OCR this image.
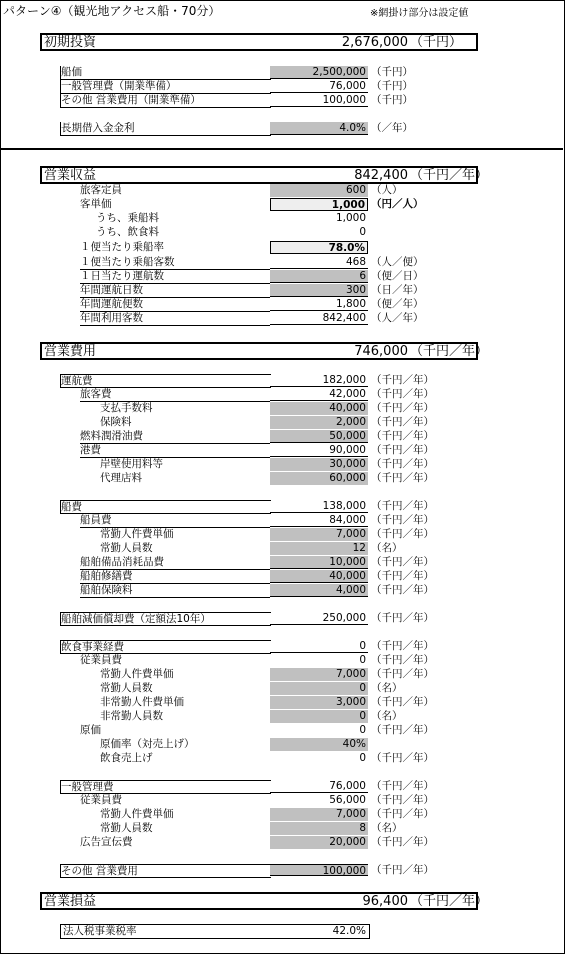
パターン④（観光地アクセス船・70分）	※網掛け部分は設定値
初期投資	2,676,000 （千円）
船価	2,500,000 （千円）
一般管理費（開業準備）	76,000 （千円）
その他 営業費用（開業準備）	100,000 （千円）
長期借入金金利	4.0% （／年）
営業収益	842,400 （千円／年）
旅客定員	600 （人）
客単価	1,000 （円／人）
うち、乗船料	1,000
うち、飲食料	0
１便当たり乗船率	78.0%
１便当たり乗船客数	468 （人／便）
１日当たり運航数	6 （便／日）
年間運航日数	300 （日／年）
年間運航便数	1,800 （便／年）
年間利用客数	842,400 （人／年）
営業費用	746,000 （千円／年）
運航費	182,000 （千円／年）
旅客費	42,000 （千円／年）
支払手数料	40,000 （千円／年）
保険料	2,000 （千円／年）
燃料潤滑油費	50,000 （千円／年）
港費	90,000 （千円／年）
岸壁使用料等	30,000 （千円／年）
代理店料	60,000 （千円／年）
船費	138,000 （千円／年）
船員費	84,000 （千円／年）
常勤人件費単価	7,000 （千円／年）
常勤人員数	12 （名）
船舶備品消耗品費	10,000 （千円／年）
船舶修繕費	40,000 （千円／年）
船舶保険料	4,000 （千円／年）
船舶減価償却費（定額法10年）	250,000 （千円／年）
飲食事業経費	0 （千円／年）
従業員費	0 （千円／年）
常勤人件費単価	7,000 （千円／年）
常勤人員数	0 （名）
非常勤人件費単価	3,000 （千円／年）
非常勤人員数	0 （名）
原価	0 （千円／年）
原価率（対売上げ）	40%
飲食売上げ	0 （千円／年）
一般管理費	76,000 （千円／年）
従業員費	56,000 （千円／年）
常勤人件費単価	7,000 （千円／年）
常勤人員数	8 （名）
広告宣伝費	20,000 （千円／年）
その他 営業費用	100,000 （千円／年）
営業損益	96,400 （千円／年）
法人税事業税率	42.0%
